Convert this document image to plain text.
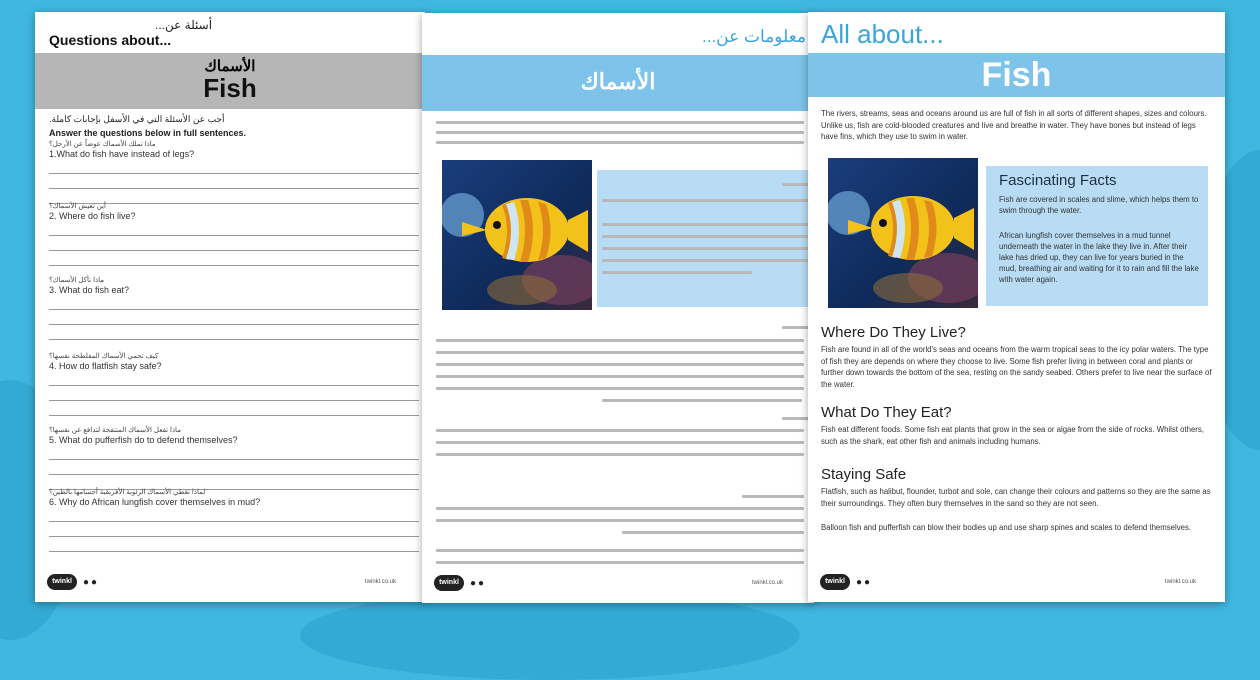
أسئلة عن...
Questions about...
الأسماك
Fish
أجب عن الأسئلة التي في الأسفل بإجابات كاملة.
Answer the questions below in full sentences.
ماذا تملك الأسماك عوضاً عن الأرجل؟
1.What do fish have instead of legs?
أين تعيش الأسماك؟
2. Where do fish live?
ماذا تأكل الأسماك؟
3. What do fish eat?
كيف تحمي الأسماك المفلطحة نفسها؟
4. How do flatfish stay safe?
ماذا تفعل الأسماك المنتفخة لتدافع عن نفسها؟
5. What do pufferfish do to defend themselves?
لماذا تغطي الأسماك الرئوية الأفريقية أجسامها بالطين؟
6. Why do African lungfish cover themselves in mud?
twinkl	●●	twinkl.co.uk
معلومات عن...
الأسماك
twinkl	●●	twinkl.co.uk
All about...
Fish
The rivers, streams, seas and oceans around us are full of fish in all sorts of different shapes, sizes and colours. Unlike us, fish are cold-blooded creatures and live and breathe in water. They have bones but instead of legs have fins, which they use to swim in water.
Fascinating Facts
Fish are covered in scales and slime, which helps them to swim through the water.
African lungfish cover themselves in a mud tunnel underneath the water in the lake they live in. After their lake has dried up, they can live for years buried in the mud, breathing air and waiting for it to rain and fill the lake with water again.
Where Do They Live?
Fish are found in all of the world's seas and oceans from the warm tropical seas to the icy polar waters. The type of fish they are depends on where they choose to live. Some fish prefer living in between coral and plants or further down towards the bottom of the sea, resting on the sandy seabed. Others prefer to live near the surface of the water.
What Do They Eat?
Fish eat different foods. Some fish eat plants that grow in the sea or algae from the side of rocks. Whilst others, such as the shark, eat other fish and animals including humans.
Staying Safe
Flatfish, such as halibut, flounder, turbot and sole, can change their colours and patterns so they are the same as their surroundings. They often bury themselves in the sand so they are not seen.
Balloon fish and pufferfish can blow their bodies up and use sharp spines and scales to defend themselves.
twinkl	●●	twinkl.co.uk
